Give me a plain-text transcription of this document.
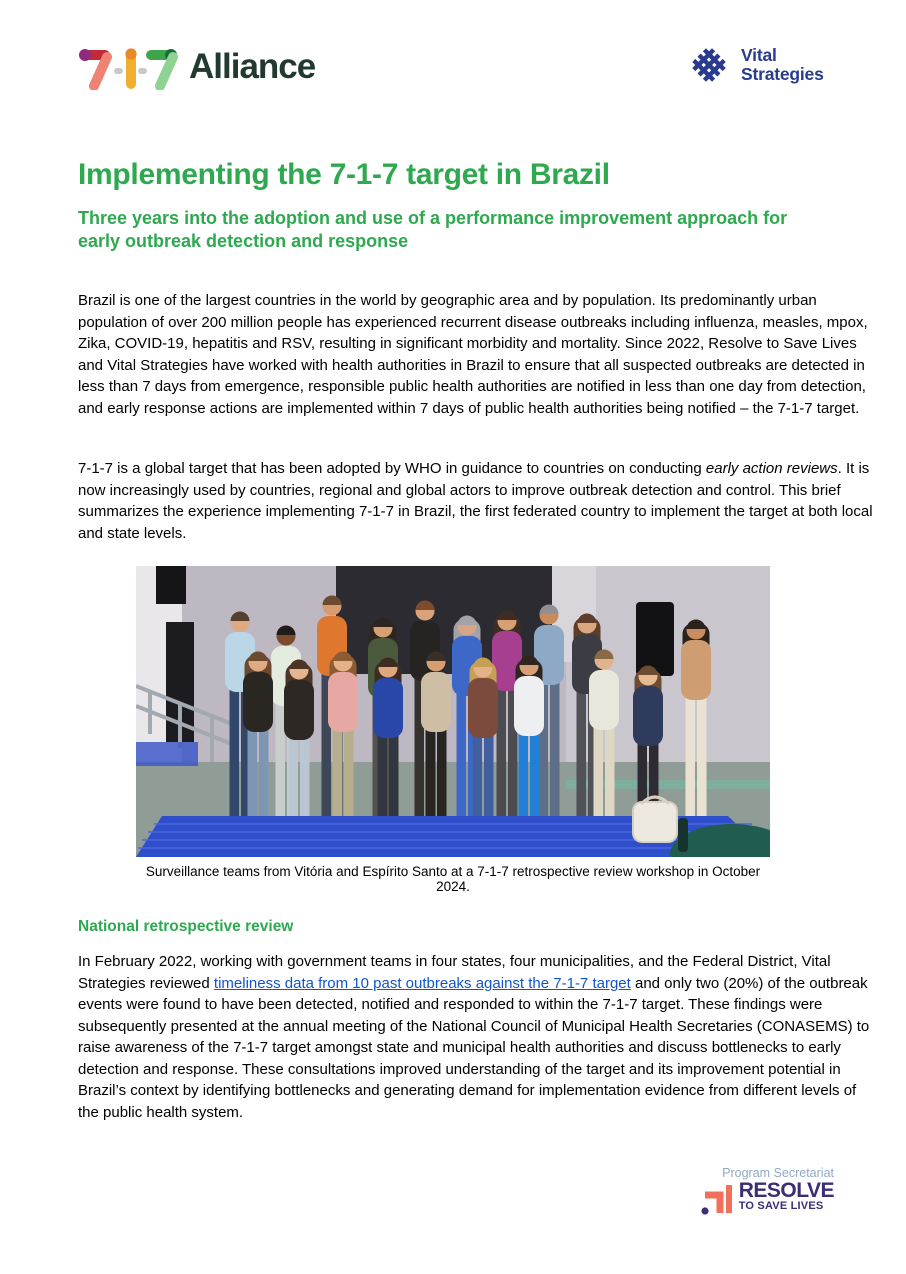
Alliance	Vital
Strategies
Implementing the 7-1-7 target in Brazil
Three years into the adoption and use of a performance improvement approach for early outbreak detection and response
Brazil is one of the largest countries in the world by geographic area and by population. Its predominantly urban population of over 200 million people has experienced recurrent disease outbreaks including influenza, measles, mpox, Zika, COVID-19, hepatitis and RSV, resulting in significant morbidity and mortality. Since 2022, Resolve to Save Lives and Vital Strategies have worked with health authorities in Brazil to ensure that all suspected outbreaks are detected in less than 7 days from emergence, responsible public health authorities are notified in less than one day from detection, and early response actions are implemented within 7 days of public health authorities being notified – the 7-1-7 target.
7-1-7 is a global target that has been adopted by WHO in guidance to countries on conducting early action reviews. It is now increasingly used by countries, regional and global actors to improve outbreak detection and control. This brief summarizes the experience implementing 7-1-7 in Brazil, the first federated country to implement the target at both local and state levels.
Surveillance teams from Vitória and Espírito Santo at a 7-1-7 retrospective review workshop in October 2024.
National retrospective review
In February 2022, working with government teams in four states, four municipalities, and the Federal District, Vital Strategies reviewed timeliness data from 10 past outbreaks against the 7-1-7 target and only two (20%) of the outbreak events were found to have been detected, notified and responded to within the 7-1-7 target. These findings were subsequently presented at the annual meeting of the National Council of Municipal Health Secretaries (CONASEMS) to raise awareness of the 7-1-7 target amongst state and municipal health authorities and discuss bottlenecks to early detection and response. These consultations improved understanding of the target and its improvement potential in Brazil’s context by identifying bottlenecks and generating demand for implementation evidence from different levels of the public health system.
Program Secretariat
RESOLVE
TO SAVE LIVES
